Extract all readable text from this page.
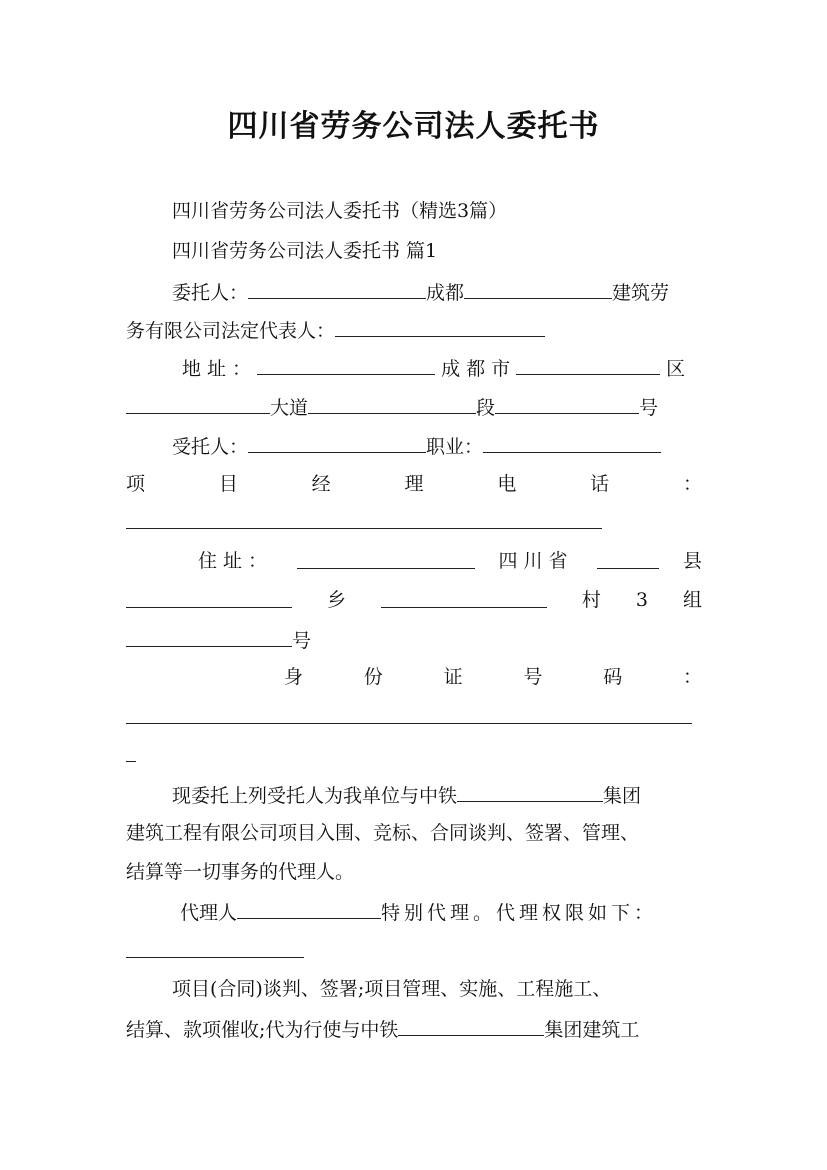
四川省劳务公司法人委托书
四川省劳务公司法人委托书（精选3篇）
四川省劳务公司法人委托书 篇1
委托人：	成都	建筑劳
务有限公司法定代表人：
地址：	成都市	区
大道	段	号
受托人：	职业：
项	目	经	理	电	话	：
住址：	四川省	县
乡	村 3 组
号
身	份	证	号	码	：
现委托上列受托人为我单位与中铁	集团
建筑工程有限公司项目入围、竞标、合同谈判、签署、管理、
结算等一切事务的代理人。
代理人	特别代理。代理权限如下：
项目(合同)谈判、签署;项目管理、实施、工程施工、
结算、款项催收;代为行使与中铁	集团建筑工
